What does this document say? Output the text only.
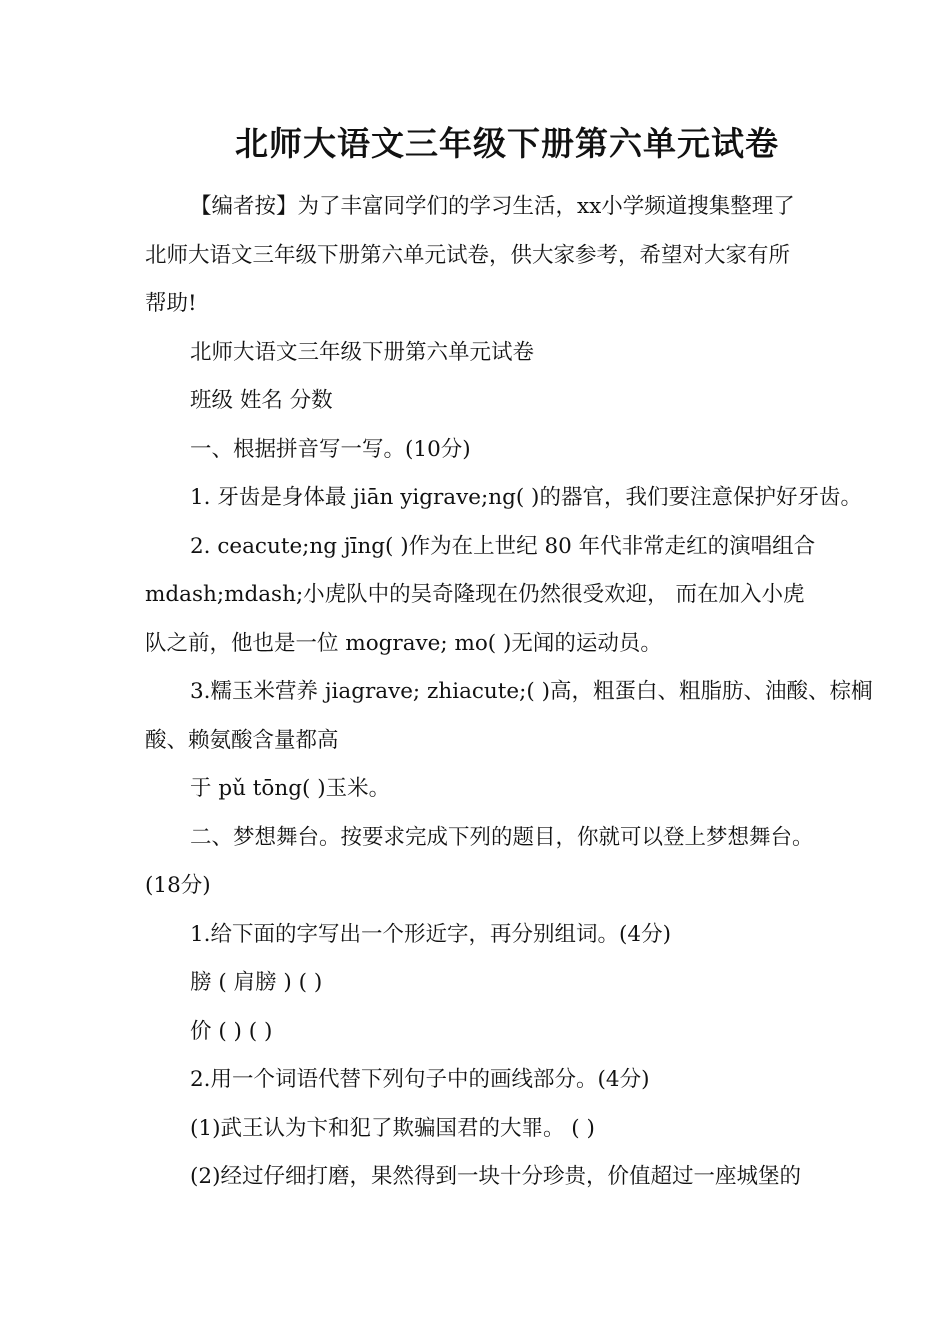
北师大语文三年级下册第六单元试卷

【编者按】为了丰富同学们的学习生活，xx小学频道搜集整理了

北师大语文三年级下册第六单元试卷，供大家参考，希望对大家有所

帮助!

北师大语文三年级下册第六单元试卷

班级 姓名 分数

一、根据拼音写一写。(10分)

1. 牙齿是身体最 jiān yigrave;ng( )的器官，我们要注意保护好牙齿。

2. ceacute;ng jīng( )作为在上世纪 80 年代非常走红的演唱组合

mdash;mdash;小虎队中的吴奇隆现在仍然很受欢迎， 而在加入小虎

队之前，他也是一位 mograve; mo( )无闻的运动员。

3.糯玉米营养 jiagrave; zhiacute;( )高，粗蛋白、粗脂肪、油酸、棕榈

酸、赖氨酸含量都高

于 pǔ tōng( )玉米。

二、梦想舞台。按要求完成下列的题目，你就可以登上梦想舞台。

(18分)

1.给下面的字写出一个形近字，再分别组词。(4分)

膀 ( 肩膀 ) ( )

价 ( ) ( )

2.用一个词语代替下列句子中的画线部分。(4分)

(1)武王认为卞和犯了欺骗国君的大罪。 ( )

(2)经过仔细打磨，果然得到一块十分珍贵，价值超过一座城堡的
